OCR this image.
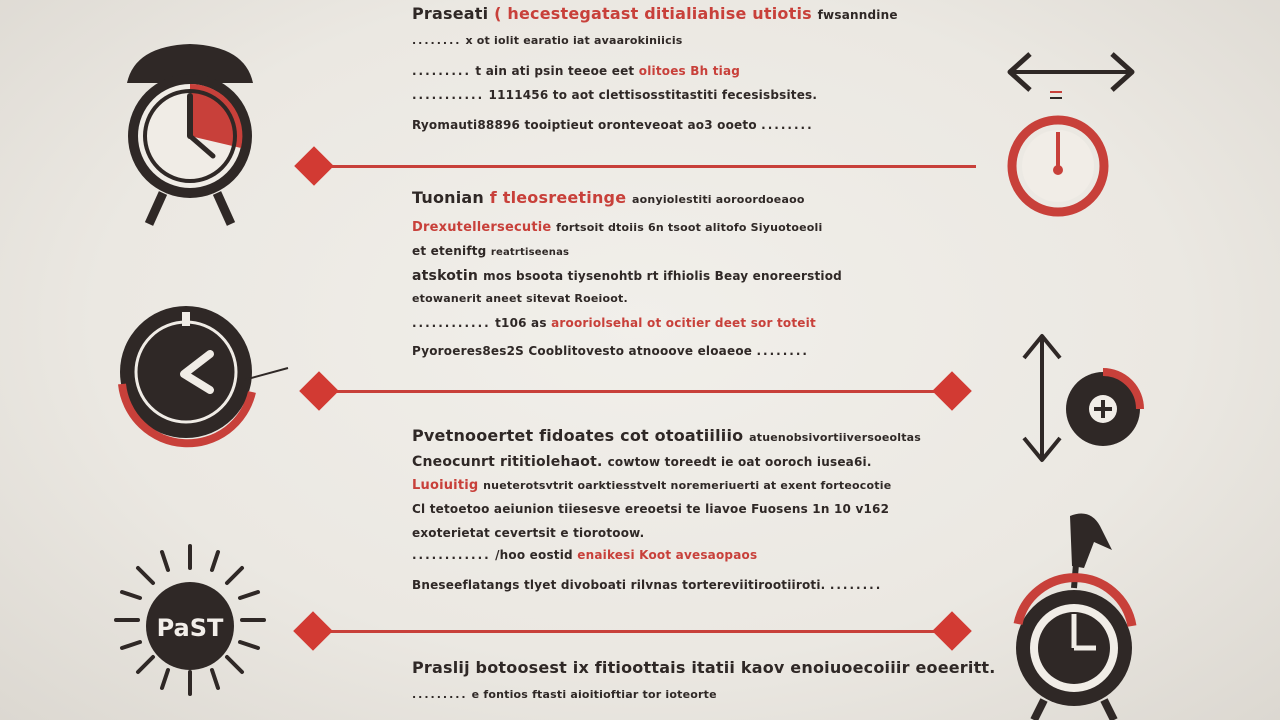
Praseati ( hecestegatast ditialiahise utiotis fwsanndine
........ x ot iolit earatio iat avaarokiniicis
......... t ain ati psin teeoe eet olitoes Bh tiag
........... 1111456 to aot clettisosstitastiti fecesisbsites.
Ryomauti88896 tooiptieut oronteveoat ao3 ooeto ........
Tuonian f tleosreetinge aonyiolestiti aoroordoeaoo
Drexutellersecutie fortsoit dtoiis 6n tsoot alitofo Siyuotoeoli
et eteniftg reatrtiseenas
atskotin mos bsoota tiysenohtb rt ifhiolis Beay enoreerstiod
etowanerit aneet sitevat Roeioot.
............ t106 as arooriolsehal ot ocitier deet sor toteit
Pyoroeres8es2S Cooblitovesto atnooove eloaeoe ........
Pvetnooertet fidoates cot otoatiiliio atuenobsivortiiversoeoltas
Cneocunrt rititiolehaot. cowtow toreedt ie oat ooroch iusea6i.
Luoiuitig nueterotsvtrit oarktiesstvelt noremeriuerti at exent forteocotie
Cl tetoetoo aeiunion tiiesesve ereoetsi te liavoe Fuosens 1n 10 v162
exoterietat cevertsit e tiorotoow.
............ /hoo eostid enaikesi Koot avesaopaos
Bneseeflatangs tlyet divoboati rilvnas tortereviitirootiiroti. ........
Praslij botoosest ix fitioottais itatii kaov enoiuoecoiiir eoeeritt.
......... e fontios ftasti aioitioftiar tor ioteorte
PaST
